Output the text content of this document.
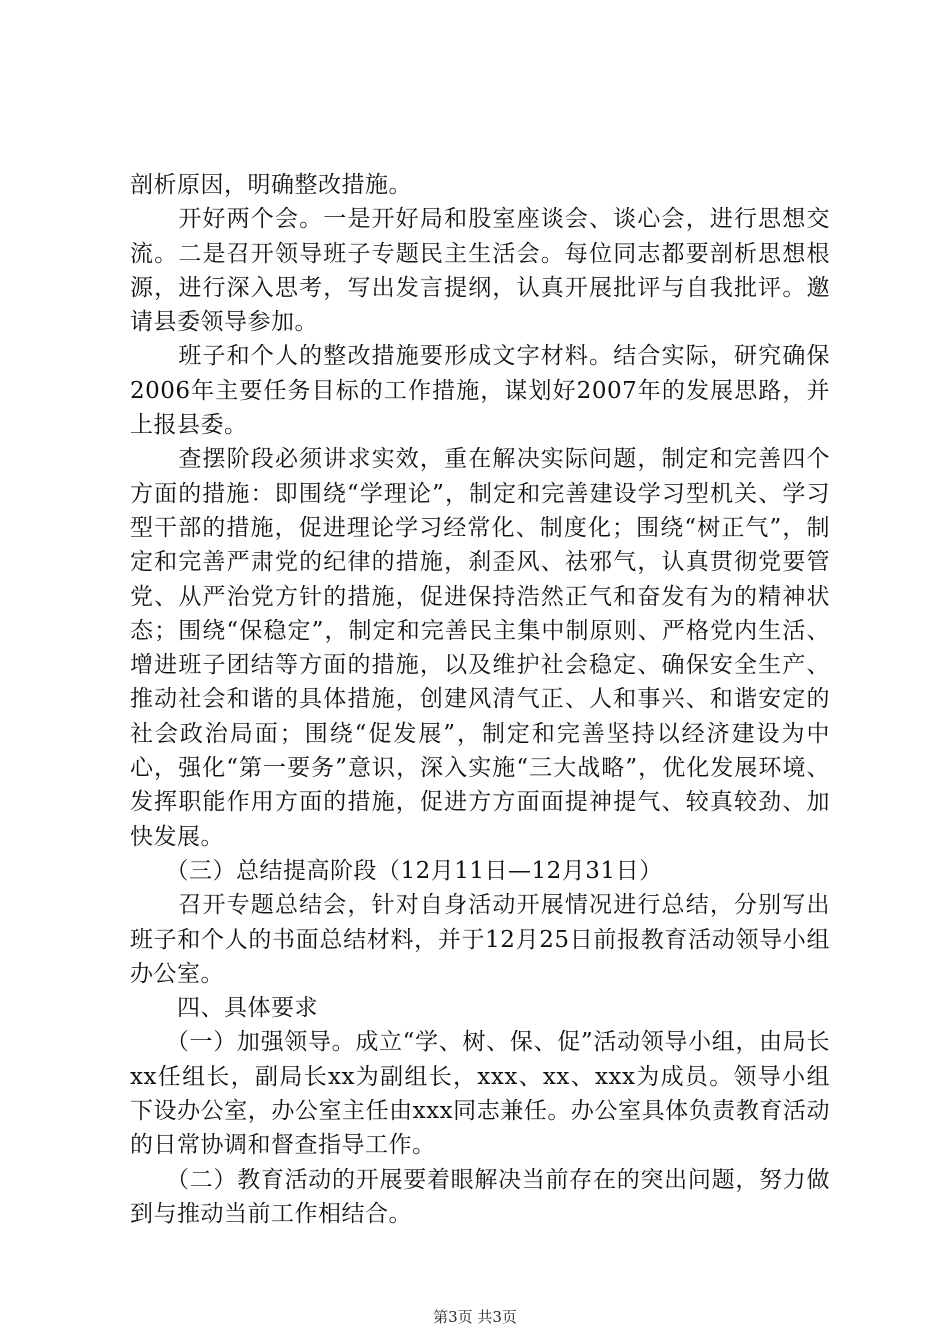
剖析原因，明确整改措施。

　　开好两个会。一是开好局和股室座谈会、谈心会，进行思想交流。二是召开领导班子专题民主生活会。每位同志都要剖析思想根源，进行深入思考，写出发言提纲，认真开展批评与自我批评。邀请县委领导参加。

　　班子和个人的整改措施要形成文字材料。结合实际，研究确保2006年主要任务目标的工作措施，谋划好2007年的发展思路，并上报县委。

　　查摆阶段必须讲求实效，重在解决实际问题，制定和完善四个方面的措施：即围绕“学理论”，制定和完善建设学习型机关、学习型干部的措施，促进理论学习经常化、制度化；围绕“树正气”，制定和完善严肃党的纪律的措施，刹歪风、祛邪气，认真贯彻党要管党、从严治党方针的措施，促进保持浩然正气和奋发有为的精神状态；围绕“保稳定”，制定和完善民主集中制原则、严格党内生活、增进班子团结等方面的措施，以及维护社会稳定、确保安全生产、推动社会和谐的具体措施，创建风清气正、人和事兴、和谐安定的社会政治局面；围绕“促发展”，制定和完善坚持以经济建设为中心，强化“第一要务”意识，深入实施“三大战略”，优化发展环境、发挥职能作用方面的措施，促进方方面面提神提气、较真较劲、加快发展。

　　（三）总结提高阶段（12月11日—12月31日）

　　召开专题总结会，针对自身活动开展情况进行总结，分别写出班子和个人的书面总结材料，并于12月25日前报教育活动领导小组办公室。

　　四、具体要求

　　（一）加强领导。成立“学、树、保、促”活动领导小组，由局长xx任组长，副局长xx为副组长，xxx、xx、xxx为成员。领导小组下设办公室，办公室主任由xxx同志兼任。办公室具体负责教育活动的日常协调和督查指导工作。

　　（二）教育活动的开展要着眼解决当前存在的突出问题，努力做到与推动当前工作相结合。

第3页 共3页
